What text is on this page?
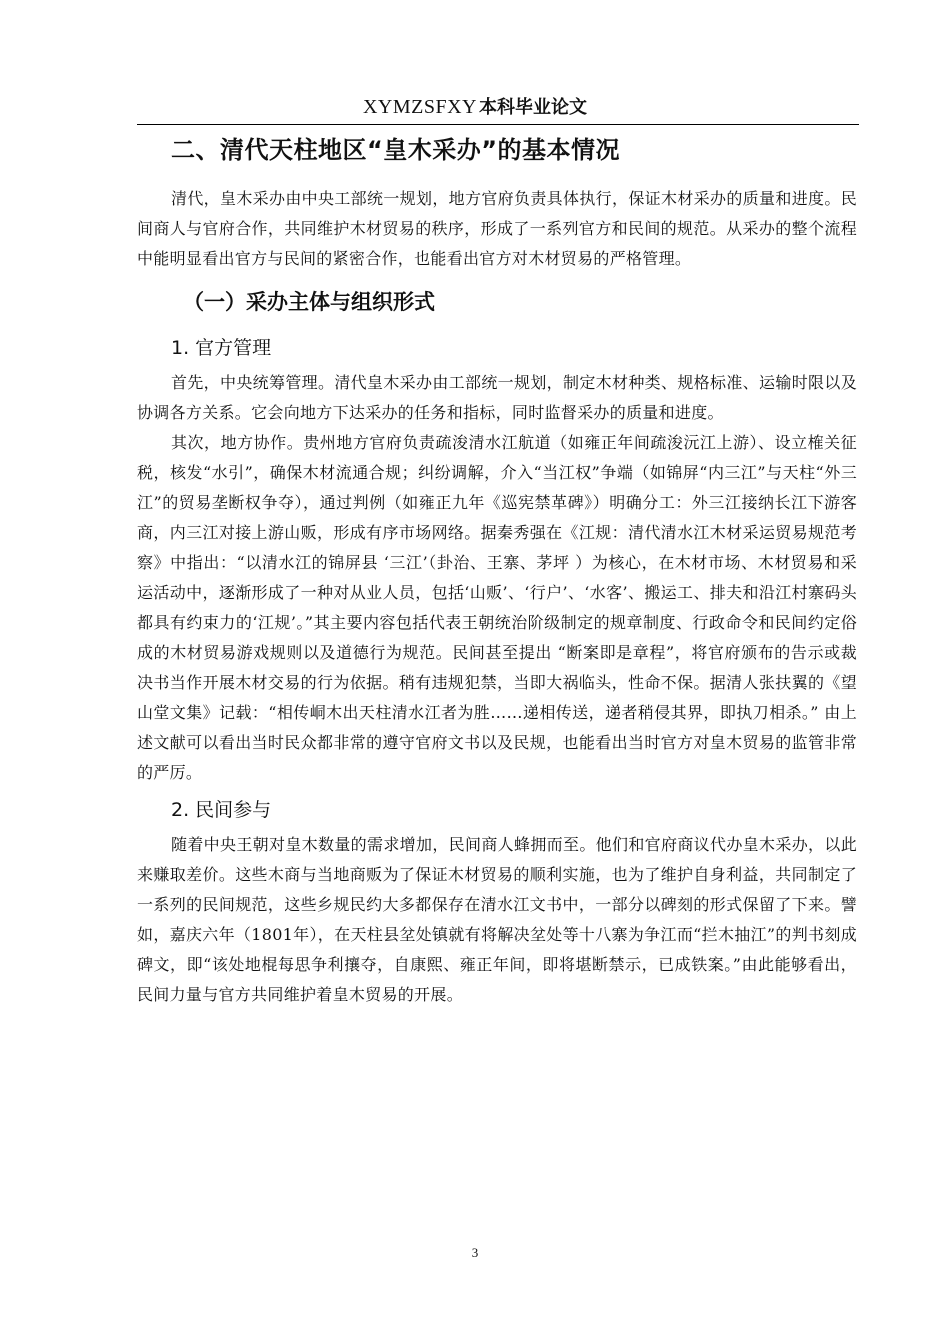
XYMZSFXY 本科毕业论文
二、清代天柱地区“皇木采办”的基本情况

清代，皇木采办由中央工部统一规划，地方官府负责具体执行，保证木材采办的质量和进度。民间商人与官府合作，共同维护木材贸易的秩序，形成了一系列官方和民间的规范。从采办的整个流程中能明显看出官方与民间的紧密合作，也能看出官方对木材贸易的严格管理。

（一）采办主体与组织形式
1. 官方管理

首先，中央统筹管理。清代皇木采办由工部统一规划，制定木材种类、规格标准、运输时限以及协调各方关系。它会向地方下达采办的任务和指标，同时监督采办的质量和进度。

其次，地方协作。贵州地方官府负责疏浚清水江航道（如雍正年间疏浚沅江上游）、设立榷关征税，核发“水引”，确保木材流通合规；纠纷调解，介入“当江权”争端（如锦屏“内三江”与天柱“外三江”的贸易垄断权争夺），通过判例（如雍正九年《巡宪禁革碑》）明确分工：外三江接纳长江下游客商，内三江对接上游山贩，形成有序市场网络。据秦秀强在《江规：清代清水江木材采运贸易规范考察》中指出：“以清水江的锦屏县 ‘三江’（卦治、王寨、茅坪 ）为核心，在木材市场、木材贸易和采运活动中，逐渐形成了一种对从业人员，包括‘山贩’、‘行户’、‘水客’、搬运工、排夫和沿江村寨码头都具有约束力的‘江规’。”其主要内容包括代表王朝统治阶级制定的规章制度、行政命令和民间约定俗成的木材贸易游戏规则以及道德行为规范。民间甚至提出 “断案即是章程”，将官府颁布的告示或裁决书当作开展木材交易的行为依据。稍有违规犯禁，当即大祸临头，性命不保。据清人张扶翼的《望山堂文集》记载：“相传峒木出天柱清水江者为胜……递相传送，递者稍侵其界，即执刀相杀。” 由上述文献可以看出当时民众都非常的遵守官府文书以及民规，也能看出当时官方对皇木贸易的监管非常的严厉。

2. 民间参与

随着中央王朝对皇木数量的需求增加，民间商人蜂拥而至。他们和官府商议代办皇木采办，以此来赚取差价。这些木商与当地商贩为了保证木材贸易的顺利实施，也为了维护自身利益，共同制定了一系列的民间规范，这些乡规民约大多都保存在清水江文书中，一部分以碑刻的形式保留了下来。譬如，嘉庆六年（1801年），在天柱县坌处镇就有将解决坌处等十八寨为争江而“拦木抽江”的判书刻成碑文，即“该处地棍每思争利攘夺，自康熙、雍正年间，即将堪断禁示，已成铁案。”由此能够看出，民间力量与官方共同维护着皇木贸易的开展。

3
